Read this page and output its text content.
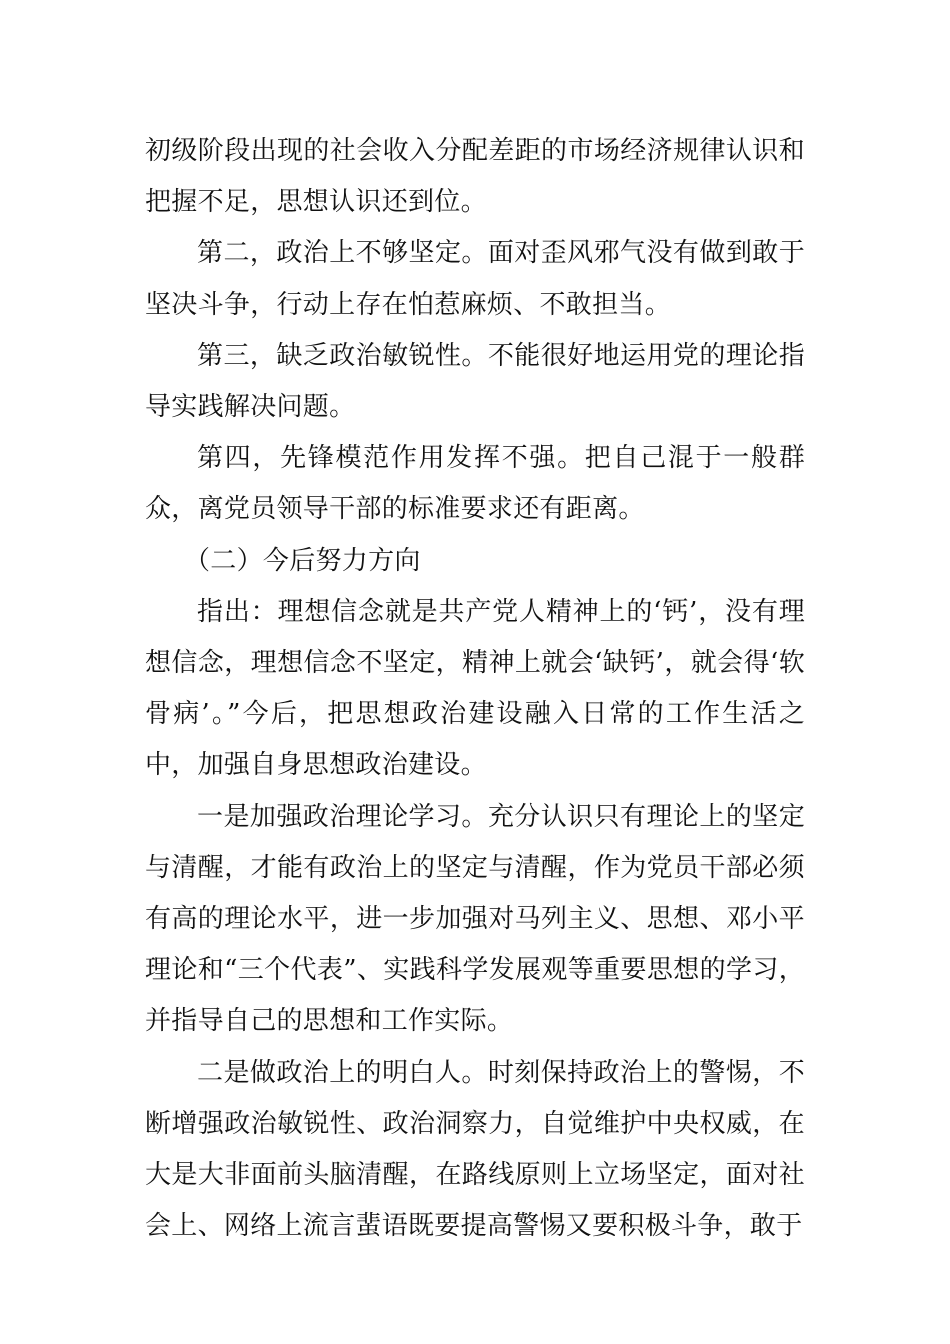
初级阶段出现的社会收入分配差距的市场经济规律认识和把握不足，思想认识还到位。

第二，政治上不够坚定。面对歪风邪气没有做到敢于坚决斗争，行动上存在怕惹麻烦、不敢担当。

第三，缺乏政治敏锐性。不能很好地运用党的理论指导实践解决问题。

第四，先锋模范作用发挥不强。把自己混于一般群众，离党员领导干部的标准要求还有距离。

（二）今后努力方向

指出：理想信念就是共产党人精神上的‘钙’，没有理想信念，理想信念不坚定，精神上就会‘缺钙’，就会得‘软骨病’。”今后，把思想政治建设融入日常的工作生活之中，加强自身思想政治建设。

一是加强政治理论学习。充分认识只有理论上的坚定与清醒，才能有政治上的坚定与清醒，作为党员干部必须有高的理论水平，进一步加强对马列主义、思想、邓小平理论和“三个代表”、实践科学发展观等重要思想的学习，并指导自己的思想和工作实际。

二是做政治上的明白人。时刻保持政治上的警惕，不断增强政治敏锐性、政治洞察力，自觉维护中央权威，在大是大非面前头脑清醒，在路线原则上立场坚定，面对社会上、网络上流言蜚语既要提高警惕又要积极斗争，敢于
